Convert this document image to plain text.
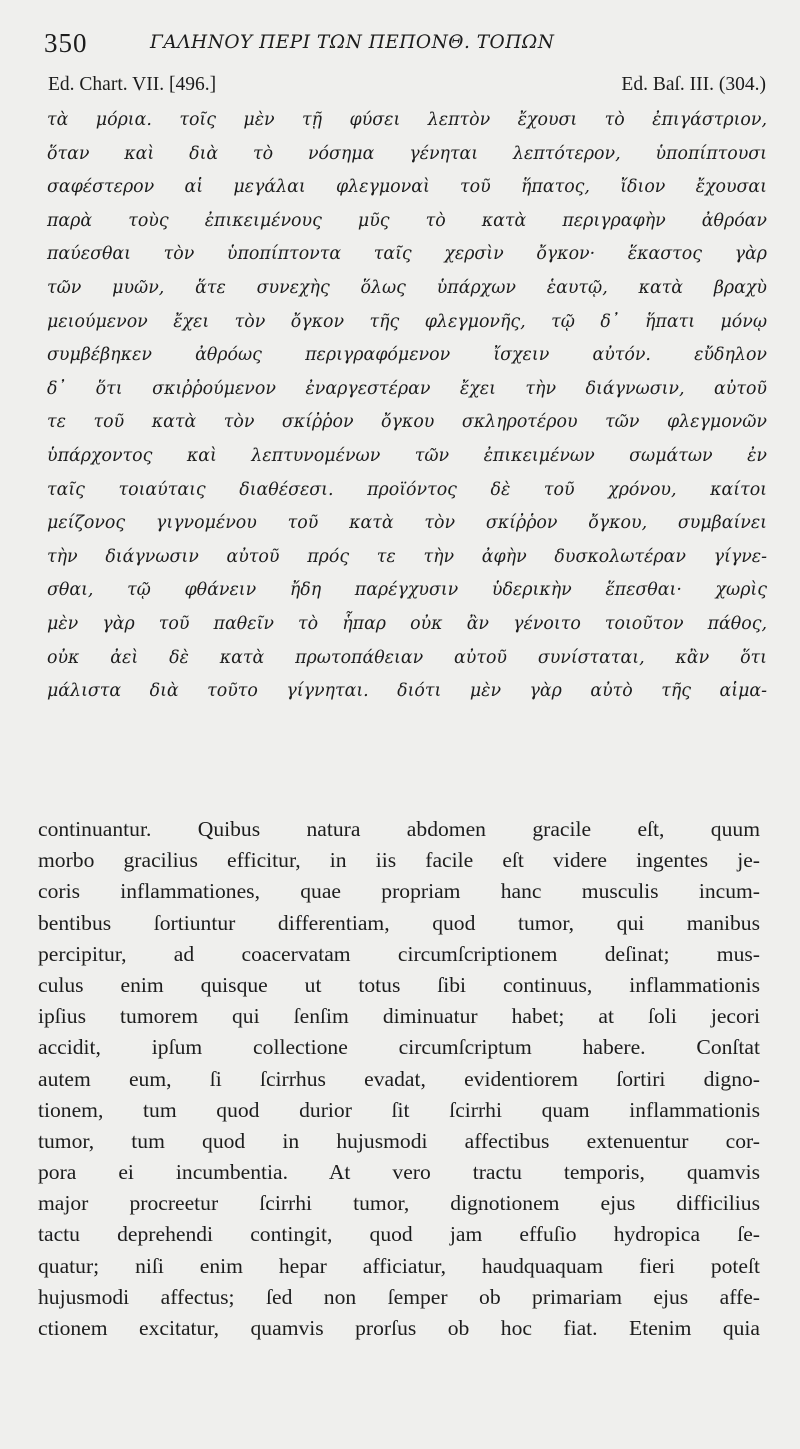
350	ΓΑΛΗΝΟΥ ΠΕΡΙ ΤΩΝ ΠΕΠΟΝΘ. ΤΟΠΩΝ
Ed. Chart. VII. [496.]	Ed. Baſ. III. (304.)
τὰ μόρια. τοῖς μὲν τῇ φύσει λεπτὸν ἔχουσι τὸ ἐπιγάστριον,
ὅταν καὶ διὰ τὸ νόσημα γένηται λεπτότερον, ὑποπίπτουσι
σαφέστερον αἱ μεγάλαι φλεγμοναὶ τοῦ ἥπατος, ἴδιον ἔχουσαι
παρὰ τοὺς ἐπικειμένους μῦς τὸ κατὰ περιγραφὴν ἀθρόαν
παύεσθαι τὸν ὑποπίπτοντα ταῖς χερσὶν ὄγκον· ἕκαστος γὰρ
τῶν μυῶν, ἅτε συνεχὴς ὅλως ὑπάρχων ἑαυτῷ, κατὰ βραχὺ
μειούμενον ἔχει τὸν ὄγκον τῆς φλεγμονῆς, τῷ δ᾽ ἥπατι μόνῳ
συμβέβηκεν ἀθρόως περιγραφόμενον ἴσχειν αὐτόν. εὔδηλον
δ᾽ ὅτι σκιῤῥούμενον ἐναργεστέραν ἔχει τὴν διάγνωσιν, αὐτοῦ
τε τοῦ κατὰ τὸν σκίῤῥον ὄγκου σκληροτέρου τῶν φλεγμονῶν
ὑπάρχοντος καὶ λεπτυνομένων τῶν ἐπικειμένων σωμάτων ἐν
ταῖς τοιαύταις διαθέσεσι. προϊόντος δὲ τοῦ χρόνου, καίτοι
μείζονος γιγνομένου τοῦ κατὰ τὸν σκίῤῥον ὄγκου, συμβαίνει
τὴν διάγνωσιν αὐτοῦ πρός τε τὴν ἀφὴν δυσκολωτέραν γίγνε-
σθαι, τῷ φθάνειν ἤδη παρέγχυσιν ὑδερικὴν ἕπεσθαι· χωρὶς
μὲν γὰρ τοῦ παθεῖν τὸ ἧπαρ οὐκ ἂν γένοιτο τοιοῦτον πάθος,
οὐκ ἀεὶ δὲ κατὰ πρωτοπάθειαν αὐτοῦ συνίσταται, κἂν ὅτι
μάλιστα διὰ τοῦτο γίγνηται. διότι μὲν γὰρ αὐτὸ τῆς αἱμα-
continuantur. Quibus natura abdomen gracile eſt, quum
morbo gracilius efficitur, in iis facile eſt videre ingentes je-
coris inflammationes, quae propriam hanc musculis incum-
bentibus ſortiuntur differentiam, quod tumor, qui manibus
percipitur, ad coacervatam circumſcriptionem deſinat; mus-
culus enim quisque ut totus ſibi continuus, inflammationis
ipſius tumorem qui ſenſim diminuatur habet; at ſoli jecori
accidit, ipſum collectione circumſcriptum habere. Conſtat
autem eum, ſi ſcirrhus evadat, evidentiorem ſortiri digno-
tionem, tum quod durior ſit ſcirrhi quam inflammationis
tumor, tum quod in hujusmodi affectibus extenuentur cor-
pora ei incumbentia. At vero tractu temporis, quamvis
major procreetur ſcirrhi tumor, dignotionem ejus difficilius
tactu deprehendi contingit, quod jam effuſio hydropica ſe-
quatur; niſi enim hepar afficiatur, haudquaquam fieri poteſt
hujusmodi affectus; ſed non ſemper ob primariam ejus affe-
ctionem excitatur, quamvis prorſus ob hoc fiat. Etenim quia
